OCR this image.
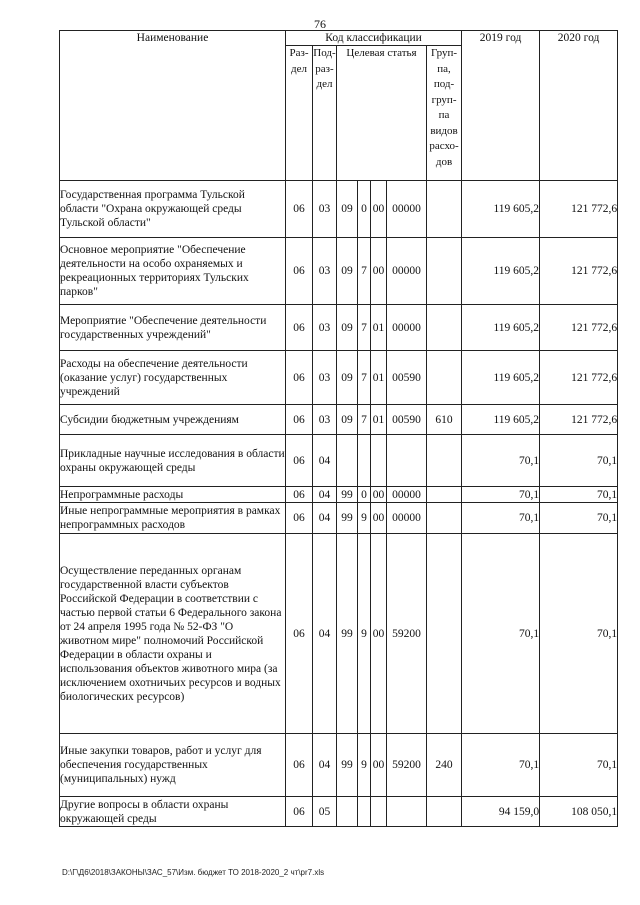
76
Наименование	Код классификации							2019 год	2020 год
	Раз-дел	Под-раз-дел	Целевая статья				Груп-па, под-груп-па видов расхо-дов		
Государственная программа Тульской области "Охрана окружающей среды Тульской области"	06	03	09	0	00	00000		119 605,2	121 772,6
Основное мероприятие "Обеспечение деятельности на особо охраняемых и рекреационных территориях Тульских парков"	06	03	09	7	00	00000		119 605,2	121 772,6
Мероприятие "Обеспечение деятельности государственных учреждений"	06	03	09	7	01	00000		119 605,2	121 772,6
Расходы на обеспечение деятельности (оказание услуг) государственных учреждений	06	03	09	7	01	00590		119 605,2	121 772,6
Субсидии бюджетным учреждениям	06	03	09	7	01	00590	610	119 605,2	121 772,6
Прикладные научные исследования в области охраны окружающей среды	06	04						70,1	70,1
Непрограммные расходы	06	04	99	0	00	00000		70,1	70,1
Иные непрограммные мероприятия в рамках непрограммных расходов	06	04	99	9	00	00000		70,1	70,1
Осуществление переданных органам государственной власти субъектов Российской Федерации в соответствии с частью первой статьи 6 Федерального закона от 24 апреля 1995 года № 52-ФЗ "О животном мире" полномочий Российской Федерации в области охраны и использования объектов животного мира (за исключением охотничьих ресурсов и водных биологических ресурсов)	06	04	99	9	00	59200		70,1	70,1
Иные закупки товаров, работ и услуг для обеспечения государственных (муниципальных) нужд	06	04	99	9	00	59200	240	70,1	70,1
Другие вопросы в области охраны окружающей среды	06	05						94 159,0	108 050,1
D:\Г\Д6\2018\ЗАКОНЫ\ЗАС_57\Изм. бюджет ТО 2018-2020_2 чт\pr7.xls
